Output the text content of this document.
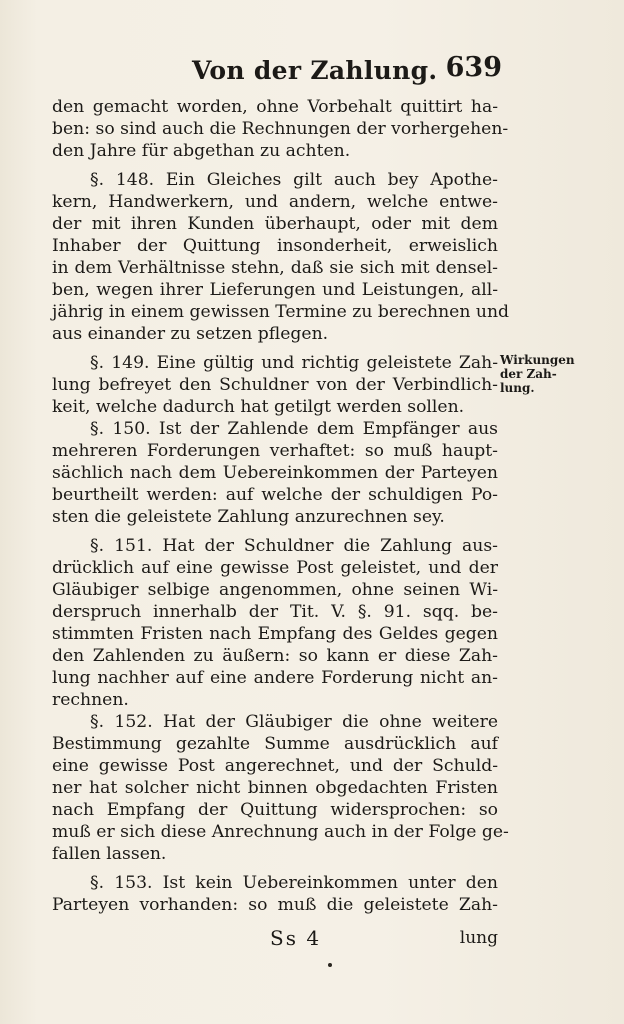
Von der Zahlung. 639
den gemacht worden, ohne Vorbehalt quittirt ha-
ben: so sind auch die Rechnungen der vorhergehen-
den Jahre für abgethan zu achten.
§. 148. Ein Gleiches gilt auch bey Apothe-
kern, Handwerkern, und andern, welche entwe-
der mit ihren Kunden überhaupt, oder mit dem
Inhaber der Quittung insonderheit, erweislich
in dem Verhältnisse stehn, daß sie sich mit densel-
ben, wegen ihrer Lieferungen und Leistungen, all-
jährig in einem gewissen Termine zu berechnen und
aus einander zu setzen pflegen.
§. 149. Eine gültig und richtig geleistete Zah-
lung befreyet den Schuldner von der Verbindlich-
keit, welche dadurch hat getilgt werden sollen.
§. 150. Ist der Zahlende dem Empfänger aus
mehreren Forderungen verhaftet: so muß haupt-
sächlich nach dem Uebereinkommen der Parteyen
beurtheilt werden: auf welche der schuldigen Po-
sten die geleistete Zahlung anzurechnen sey.
§. 151. Hat der Schuldner die Zahlung aus-
drücklich auf eine gewisse Post geleistet, und der
Gläubiger selbige angenommen, ohne seinen Wi-
derspruch innerhalb der Tit. V. §. 91. sqq. be-
stimmten Fristen nach Empfang des Geldes gegen
den Zahlenden zu äußern: so kann er diese Zah-
lung nachher auf eine andere Forderung nicht an-
rechnen.
§. 152. Hat der Gläubiger die ohne weitere
Bestimmung gezahlte Summe ausdrücklich auf
eine gewisse Post angerechnet, und der Schuld-
ner hat solcher nicht binnen obgedachten Fristen
nach Empfang der Quittung widersprochen: so
muß er sich diese Anrechnung auch in der Folge ge-
fallen lassen.
§. 153. Ist kein Uebereinkommen unter den
Parteyen vorhanden: so muß die geleistete Zah-
Wirkungen
der Zah-
lung.
Ss 4	lung
